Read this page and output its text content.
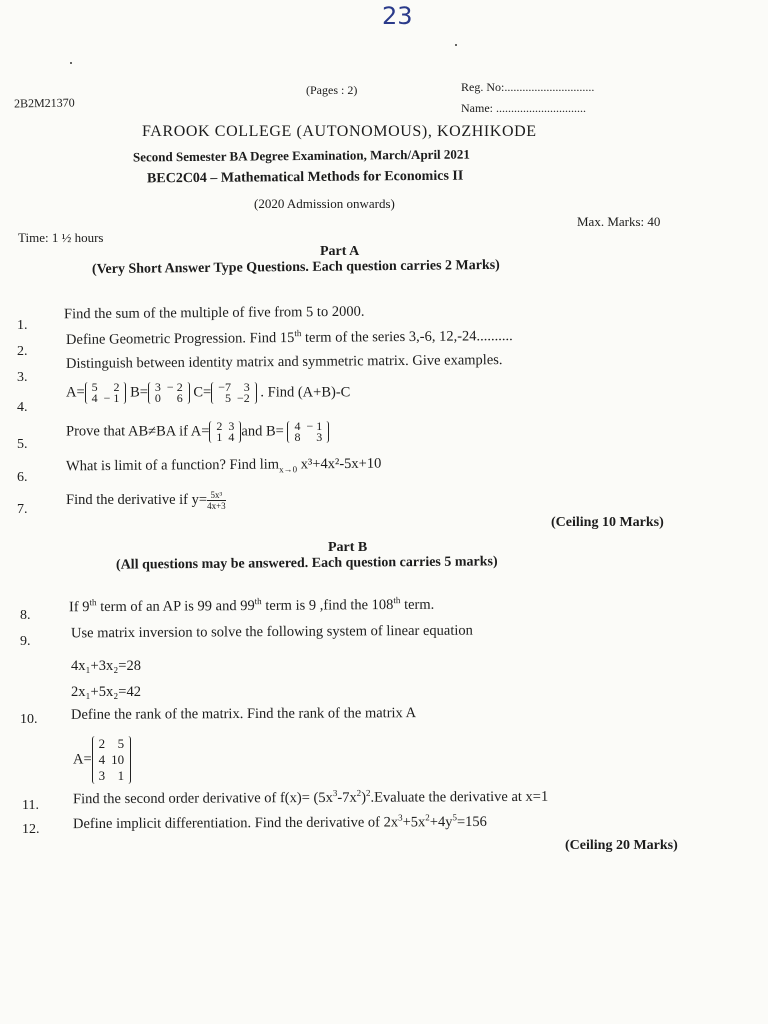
23
2B2M21370
(Pages : 2)	Reg. No:..............................
Name: ..............................
FAROOK COLLEGE (AUTONOMOUS), KOZHIKODE
Second Semester BA Degree Examination, March/April 2021
BEC2C04 – Mathematical Methods for Economics II
(2020 Admission onwards)
Max. Marks: 40
Time: 1 ½ hours
Part A
(Very Short Answer Type Questions. Each question carries 2 Marks)
1.
Find the sum of the multiple of five from 5 to 2000.
2.
Define Geometric Progression. Find 15th term of the series 3,-6, 12,-24..........
3.
Distinguish between identity matrix and symmetric matrix. Give examples.
4.
A= 5	2
4	− 1 B= 3	− 2
0	6 C= −7	3
5	−2 . Find (A+B)-C
5.
Prove that AB≠BA if A= 2	3
1	4 and B= 4	− 1
8	3
6.
What is limit of a function? Find $\lim_{x\to 0} x^3+4x^2-5x+10$
7.
Find the derivative if $y= \frac{\text{5x³}}{4x+3}$
(Ceiling 10 Marks)
Part B
(All questions may be answered. Each question carries 5 marks)
8.
If 9th term of an AP is 99 and 99th term is 9 ,find the 108th term.
9.
Use matrix inversion to solve the following system of linear equation
4x₁+3x₂=28
2x₁+5x₂=42
10. Define the rank of the matrix. Find the rank of the matrix A
A=
2	5
4	10
3	1
11. Find the second order derivative of $f(x)= (5x^3-7x^2)^2.Evaluate$ the derivative at x=1
12. Define implicit differentiation. Find the derivative of $2x^3+5x^2+4y^5=156$
(Ceiling 20 Marks)
